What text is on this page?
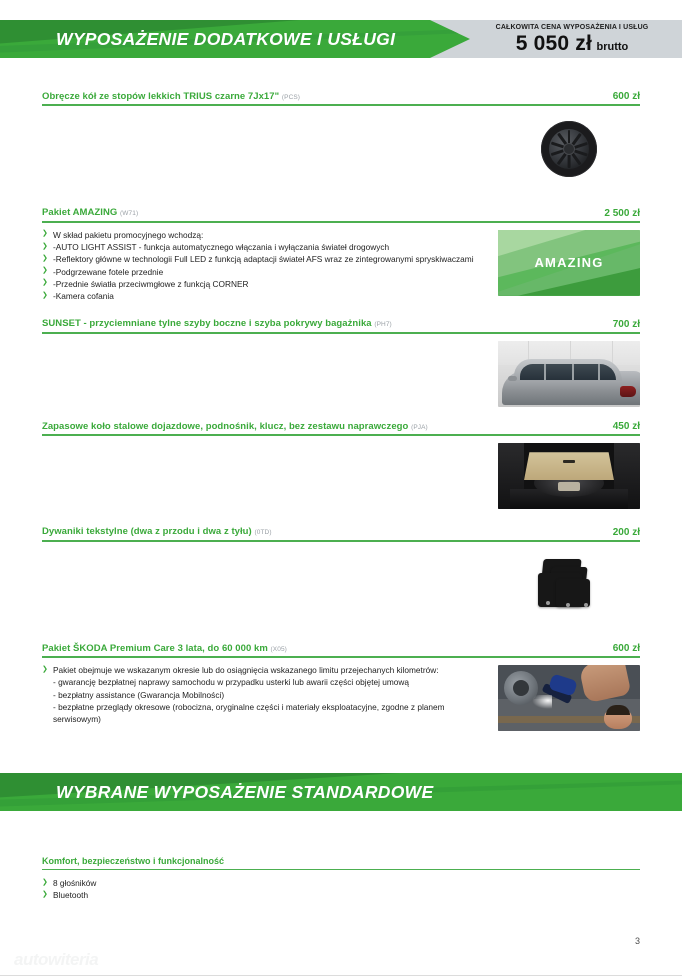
WYPOSAŻENIE DODATKOWE I USŁUGI
CAŁKOWITA CENA WYPOSAŻENIA I USŁUG
5 050 zł brutto
Obręcze kół ze stopów lekkich TRIUS czarne 7Jx17" (PCS)	600 zł
Pakiet AMAZING (W71)	2 500 zł
❯ W skład pakietu promocyjnego wchodzą:
❯ -AUTO LIGHT ASSIST - funkcja automatycznego włączania i wyłączania świateł drogowych
❯ -Reflektory główne w technologii Full LED z funkcją adaptacji świateł AFS wraz ze zintegrowanymi spryskiwaczami
❯ -Podgrzewane fotele przednie
❯ -Przednie światła przeciwmgłowe z funkcją CORNER
❯ -Kamera cofania
AMAZING
SUNSET - przyciemniane tylne szyby boczne i szyba pokrywy bagażnika (PH7)	700 zł
Zapasowe koło stalowe dojazdowe, podnośnik, klucz, bez zestawu naprawczego (PJA)	450 zł
Dywaniki tekstylne (dwa z przodu i dwa z tyłu) (0TD)	200 zł
Pakiet ŠKODA Premium Care 3 lata, do 60 000 km (X05)	600 zł
❯ Pakiet obejmuje we wskazanym okresie lub do osiągnięcia wskazanego limitu przejechanych kilometrów:
- gwarancję bezpłatnej naprawy samochodu w przypadku usterki lub awarii części objętej umową
- bezpłatny assistance (Gwarancja Mobilności)
- bezpłatne przeglądy okresowe (robocizna, oryginalne części i materiały eksploatacyjne, zgodne z planem serwisowym)
WYBRANE WYPOSAŻENIE STANDARDOWE
Komfort, bezpieczeństwo i funkcjonalność
❯ 8 głośników
❯ Bluetooth
3
autowiteria
